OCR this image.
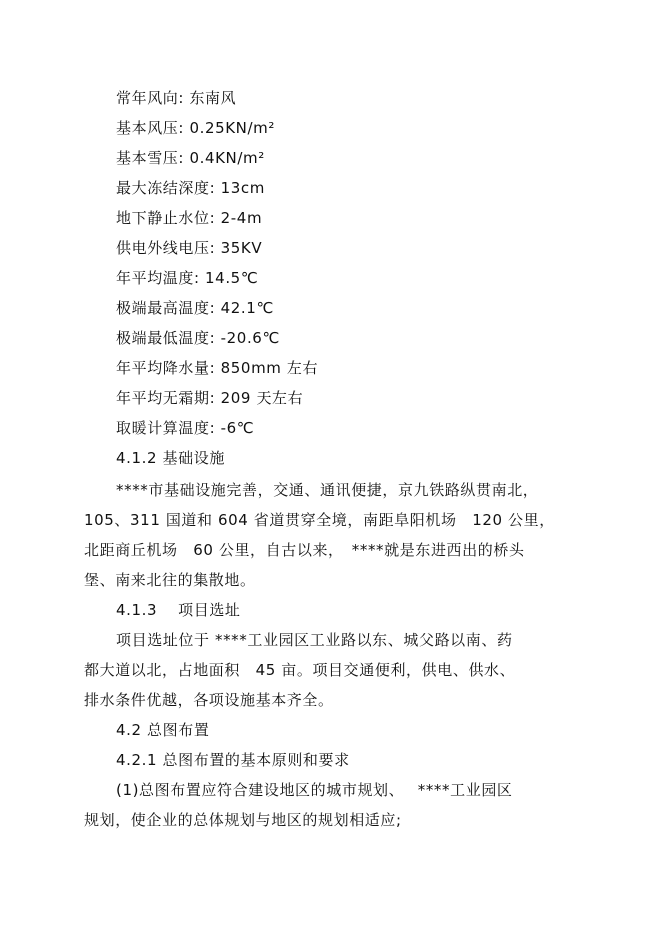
常年风向: 东南风
基本风压: 0.25KN/m²
基本雪压: 0.4KN/m²
最大冻结深度: 13cm
地下静止水位: 2-4m
供电外线电压: 35KV
年平均温度: 14.5℃
极端最高温度: 42.1℃
极端最低温度: -20.6℃
年平均降水量: 850mm 左右
年平均无霜期: 209 天左右
取暖计算温度: -6℃
4.1.2 基础设施
****市基础设施完善，交通、通讯便捷，京九铁路纵贯南北，
105、311 国道和 604 省道贯穿全境，南距阜阳机场　120 公里，
北距商丘机场　60 公里，自古以来，　****就是东进西出的桥头
堡、南来北往的集散地。
4.1.3　 项目选址
项目选址位于 ****工业园区工业路以东、城父路以南、药
都大道以北，占地面积　45 亩。项目交通便利，供电、供水、
排水条件优越，各项设施基本齐全。
4.2 总图布置
4.2.1 总图布置的基本原则和要求
(1)总图布置应符合建设地区的城市规划、　 ****工业园区
规划，使企业的总体规划与地区的规划相适应;
